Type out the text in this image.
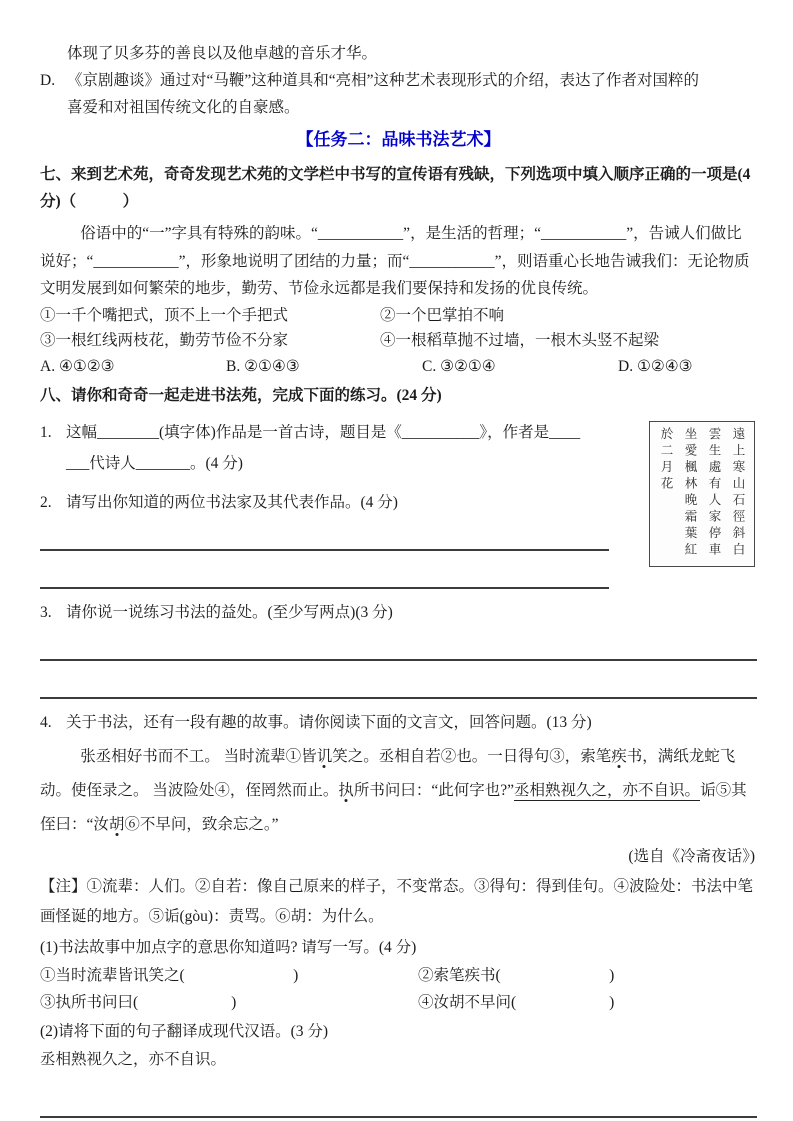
体现了贝多芬的善良以及他卓越的音乐才华。
D. 《京剧趣谈》通过对“马鞭”这种道具和“亮相”这种艺术表现形式的介绍，表达了作者对国粹的
喜爱和对祖国传统文化的自豪感。
【任务二：品味书法艺术】
七、来到艺术苑，奇奇发现艺术苑的文学栏中书写的宣传语有残缺，下列选项中填入顺序正确的一项是(4 分)（　　　）
俗语中的“一”字具有特殊的韵味。“___________”，是生活的哲理；“___________”，告诫人们做比说好；“___________”，形象地说明了团结的力量；而“___________”，则语重心长地告诫我们：无论物质文明发展到如何繁荣的地步，勤劳、节俭永远都是我们要保持和发扬的优良传统。
①一千个嘴把式，顶不上一个手把式	②一个巴掌拍不响
③一根红线两枝花，勤劳节俭不分家	④一根稻草抛不过墙，一根木头竖不起梁
A. ④①②③	B. ②①④③	C. ③②①④	D. ①②④③
八、请你和奇奇一起走进书法苑，完成下面的练习。(24 分)
遠上寒山石徑斜白雲生處有人家停車坐愛楓林晚霜葉紅於二月花
1. 这幅________(填字体)作品是一首古诗，题目是《__________》，作者是____
___代诗人_______。(4 分)
2. 请写出你知道的两位书法家及其代表作品。(4 分)
3. 请你说一说练习书法的益处。(至少写两点)(3 分)
4. 关于书法，还有一段有趣的故事。请你阅读下面的文言文，回答问题。(13 分)
张丞相好书而不工。 当时流辈①皆讥笑之。丞相自若②也。一日得句③，索笔疾书，满纸龙蛇飞动。使侄录之。 当波险处④，侄罔然而止。执所书问曰：“此何字也?”丞相熟视久之，亦不自识。诟⑤其侄曰：“汝胡⑥不早问，致余忘之。”
(选自《冷斋夜话》)
【注】①流辈：人们。②自若：像自己原来的样子，不变常态。③得句：得到佳句。④波险处：书法中笔画怪诞的地方。⑤诟(gòu)：责骂。⑥胡：为什么。
(1)书法故事中加点字的意思你知道吗? 请写一写。(4 分)
①当时流辈皆讯笑之(　　　　　　　)	②索笔疾书(　　　　　　　)
③执所书问曰(　　　　　　)	④汝胡不早问(　　　　　　)
(2)请将下面的句子翻译成现代汉语。(3 分)
丞相熟视久之，亦不自识。
